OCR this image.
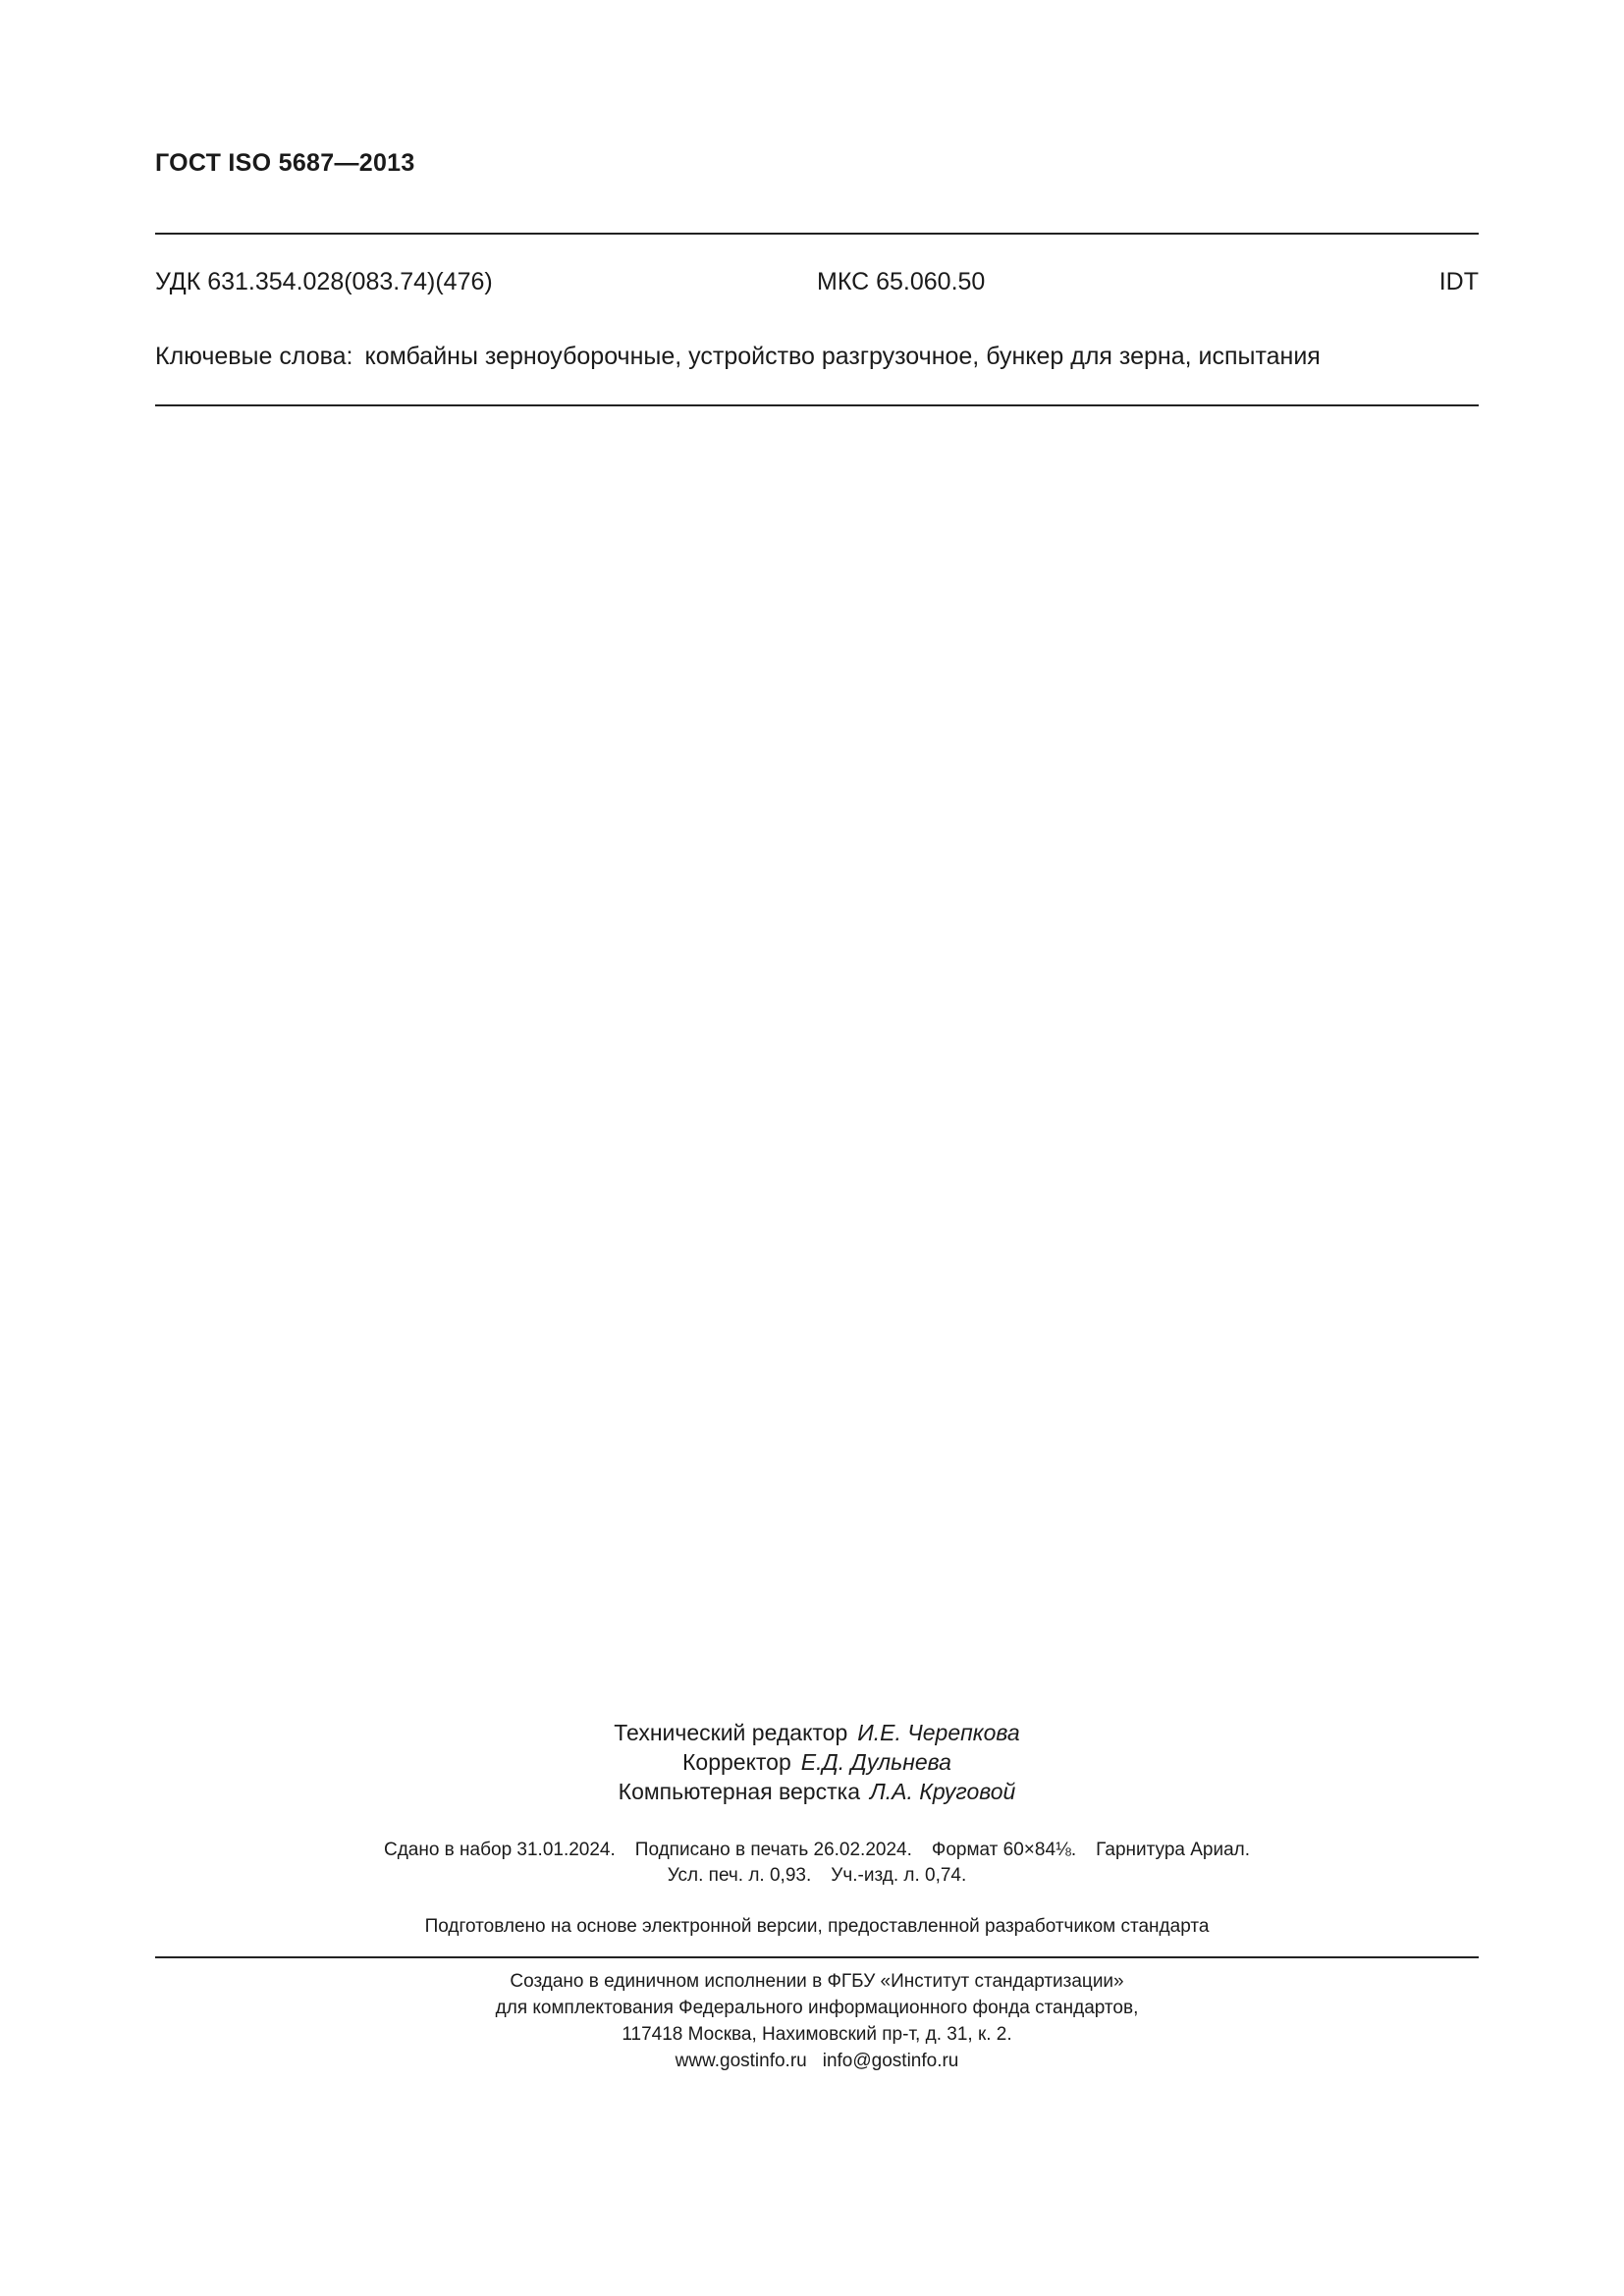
ГОСТ ISO 5687—2013
УДК 631.354.028(083.74)(476)	МКС 65.060.50	IDT
Ключевые слова: комбайны зерноуборочные, устройство разгрузочное, бункер для зерна, испытания
Технический редактор И.Е. Черепкова
Корректор Е.Д. Дульнева
Компьютерная верстка Л.А. Круговой
Сдано в набор 31.01.2024. Подписано в печать 26.02.2024. Формат 60×84⅛. Гарнитура Ариал.
Усл. печ. л. 0,93. Уч.-изд. л. 0,74.
Подготовлено на основе электронной версии, предоставленной разработчиком стандарта
Создано в единичном исполнении в ФГБУ «Институт стандартизации»
для комплектования Федерального информационного фонда стандартов,
117418 Москва, Нахимовский пр-т, д. 31, к. 2.
www.gostinfo.ru info@gostinfo.ru
